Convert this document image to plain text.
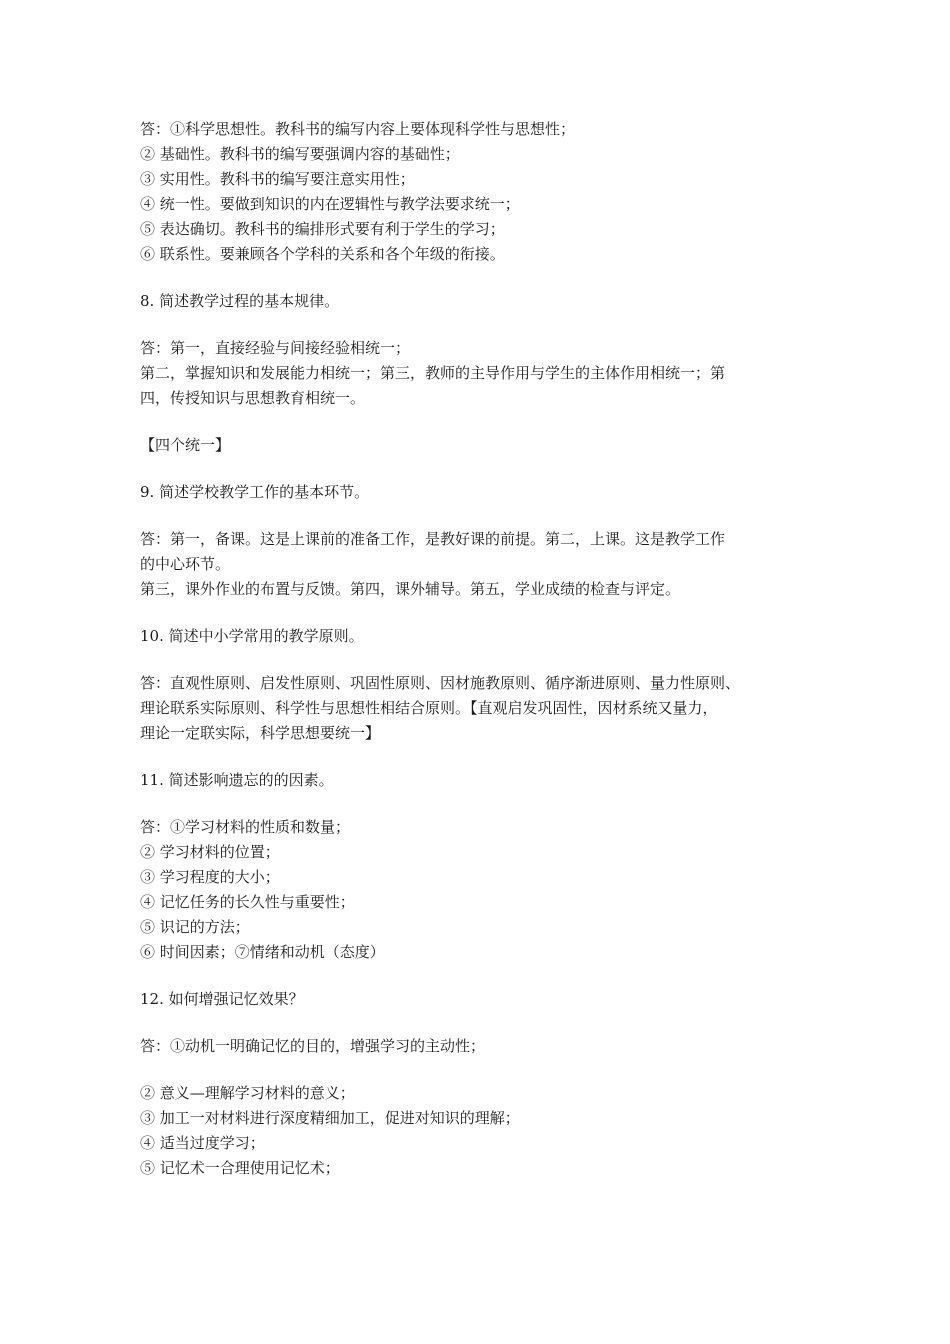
答：①科学思想性。教科书的编写内容上要体现科学性与思想性；
② 基础性。教科书的编写要强调内容的基础性；
③ 实用性。教科书的编写要注意实用性；
④ 统一性。要做到知识的内在逻辑性与教学法要求统一；
⑤ 表达确切。教科书的编排形式要有利于学生的学习；
⑥ 联系性。要兼顾各个学科的关系和各个年级的衔接。
8. 简述教学过程的基本规律。
答：第一，直接经验与间接经验相统一；
第二，掌握知识和发展能力相统一；第三，教师的主导作用与学生的主体作用相统一；第
四，传授知识与思想教育相统一。
【四个统一】
9. 简述学校教学工作的基本环节。
答：第一，备课。这是上课前的准备工作，是教好课的前提。第二，上课。这是教学工作
的中心环节。
第三，课外作业的布置与反馈。第四，课外辅导。第五，学业成绩的检查与评定。
10. 简述中小学常用的教学原则。
答：直观性原则、启发性原则、巩固性原则、因材施教原则、循序渐进原则、量力性原则、
理论联系实际原则、科学性与思想性相结合原则。【直观启发巩固性，因材系统又量力，
理论一定联实际，科学思想要统一】
11. 简述影响遗忘的的因素。
答：①学习材料的性质和数量；
② 学习材料的位置；
③ 学习程度的大小；
④ 记忆任务的长久性与重要性；
⑤ 识记的方法；
⑥ 时间因素；⑦情绪和动机（态度）
12. 如何增强记忆效果？
答：①动机一明确记忆的目的，增强学习的主动性；
② 意义—理解学习材料的意义；
③ 加工一对材料进行深度精细加工，促进对知识的理解；
④ 适当过度学习；
⑤ 记忆术一合理使用记忆术；
